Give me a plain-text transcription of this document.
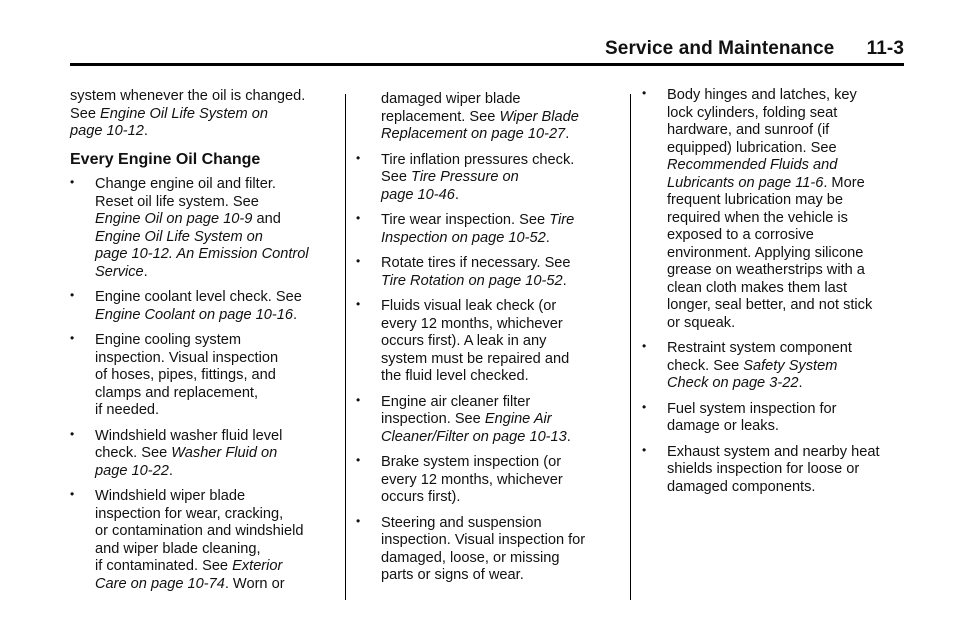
Service and Maintenance      11-3

system whenever the oil is changed.

See Engine Oil Life System on

page 10-12.

Every Engine Oil Change
• Change engine oil and filter.

Reset oil life system. See

Engine Oil on page 10-9 and

Engine Oil Life System on

page 10-12. An Emission Control

Service.

• Engine coolant level check. See

Engine Coolant on page 10-16.

• Engine cooling system

inspection. Visual inspection

of hoses, pipes, fittings, and

clamps and replacement,

if needed.

• Windshield washer fluid level

check. See Washer Fluid on

page 10-22.

• Windshield wiper blade

inspection for wear, cracking,

or contamination and windshield

and wiper blade cleaning,

if contaminated. See Exterior

Care on page 10-74. Worn or

damaged wiper blade

replacement. See Wiper Blade

Replacement on page 10-27.

• Tire inflation pressures check.

See Tire Pressure on

page 10-46.

• Tire wear inspection. See Tire

Inspection on page 10-52.

• Rotate tires if necessary. See

Tire Rotation on page 10-52.

• Fluids visual leak check (or

every 12 months, whichever

occurs first). A leak in any

system must be repaired and

the fluid level checked.

• Engine air cleaner filter

inspection. See Engine Air

Cleaner/Filter on page 10-13.

• Brake system inspection (or

every 12 months, whichever

occurs first).

• Steering and suspension

inspection. Visual inspection for

damaged, loose, or missing

parts or signs of wear.

• Body hinges and latches, key

lock cylinders, folding seat

hardware, and sunroof (if

equipped) lubrication. See

Recommended Fluids and

Lubricants on page 11-6. More

frequent lubrication may be

required when the vehicle is

exposed to a corrosive

environment. Applying silicone

grease on weatherstrips with a

clean cloth makes them last

longer, seal better, and not stick

or squeak.

• Restraint system component

check. See Safety System

Check on page 3-22.

• Fuel system inspection for

damage or leaks.

• Exhaust system and nearby heat

shields inspection for loose or

damaged components.
